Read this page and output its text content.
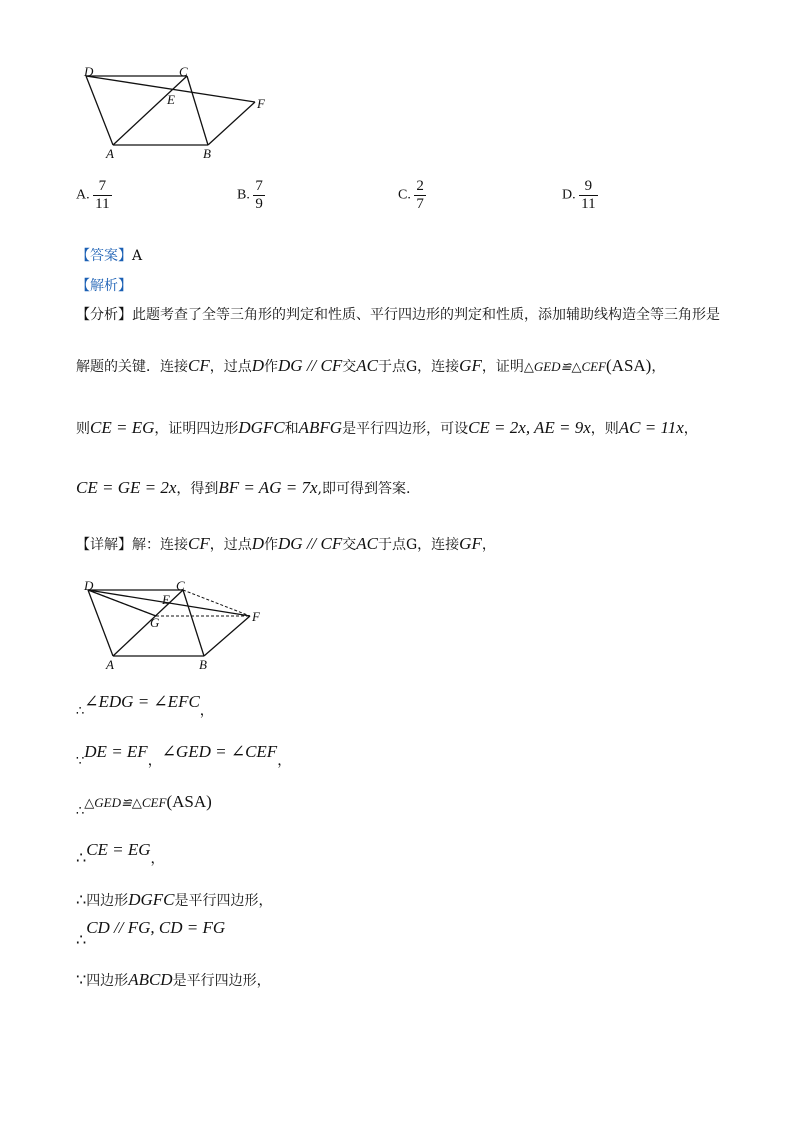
D	C
E	F
A	B
A. $\frac{7}{11}$	B. $\frac{7}{9}$	C. $\frac{2}{7}$	D. $\frac{9}{11}$
【答案】A
【解析】
【分析】此题考查了全等三角形的判定和性质、平行四边形的判定和性质，添加辅助线构造全等三角形是
解题的关键．连接CF，过点D作DG // CF交AC于点G，连接GF，证明△GED≌△CEF(ASA)，
则CE = EG，证明四边形DGFC和ABFG是平行四边形，可设CE = 2x, AE = 9x，则AC = 11x，
CE = GE = 2x，得到BF = AG = 7x,即可得到答案.
【详解】解：连接CF，过点D作DG // CF交AC于点G，连接GF，
D	C
E
G	F
A	B
∴∠EDG = ∠EFC，
∵DE = EF，∠GED = ∠CEF，
∴△GED≌△CEF(ASA)
∴CE = EG，
∴四边形DGFC是平行四边形，
∴CD // FG, CD = FG
∵四边形ABCD是平行四边形，
